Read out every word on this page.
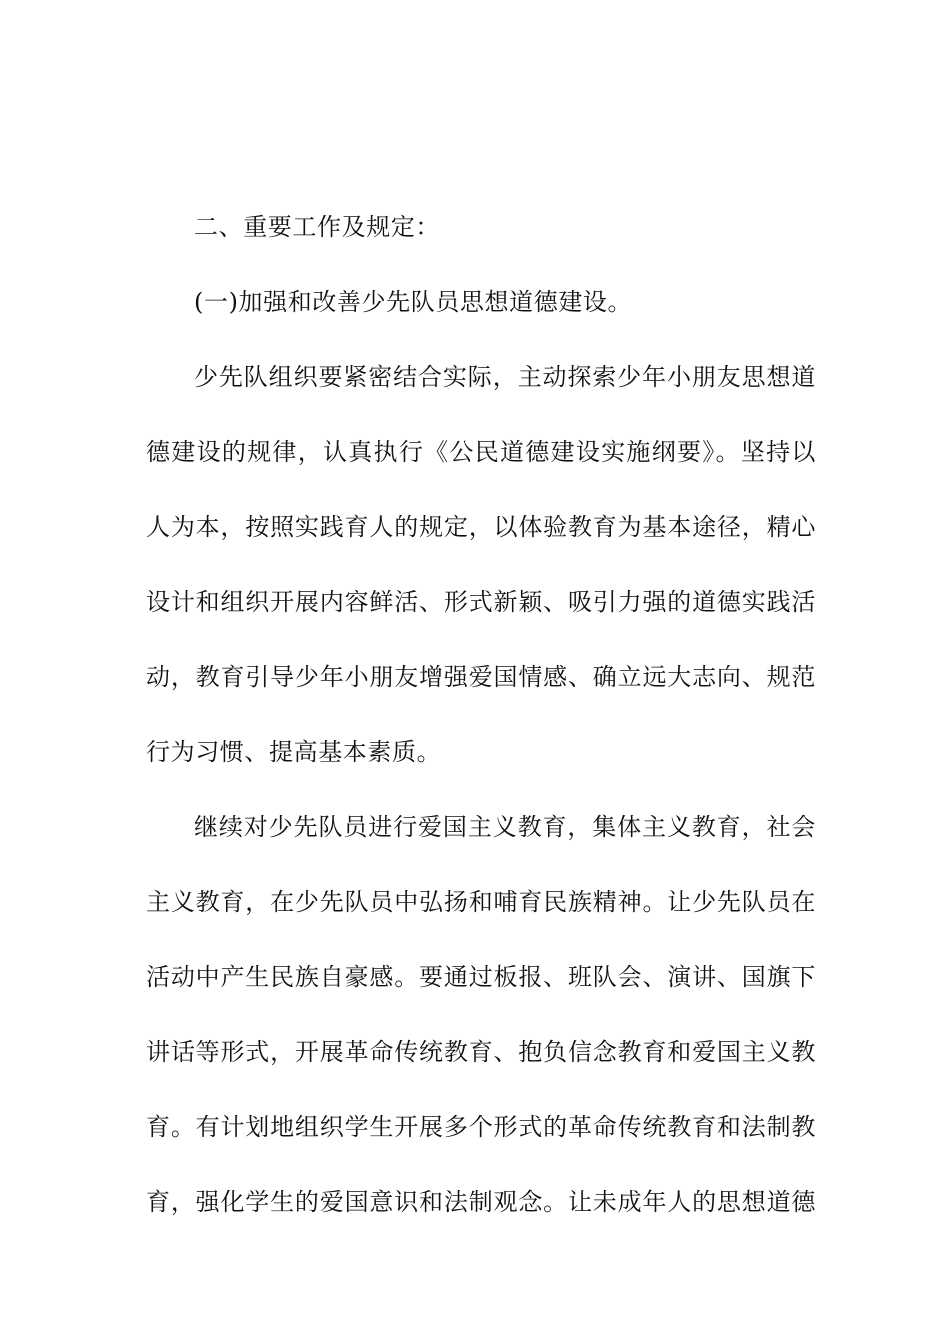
二、重要工作及规定：
(一)加强和改善少先队员思想道德建设。
少先队组织要紧密结合实际，主动探索少年小朋友思想道
德建设的规律，认真执行《公民道德建设实施纲要》。坚持以
人为本，按照实践育人的规定，以体验教育为基本途径，精心
设计和组织开展内容鲜活、形式新颖、吸引力强的道德实践活
动，教育引导少年小朋友增强爱国情感、确立远大志向、规范
行为习惯、提高基本素质。
继续对少先队员进行爱国主义教育，集体主义教育，社会
主义教育，在少先队员中弘扬和哺育民族精神。让少先队员在
活动中产生民族自豪感。要通过板报、班队会、演讲、国旗下
讲话等形式，开展革命传统教育、抱负信念教育和爱国主义教
育。有计划地组织学生开展多个形式的革命传统教育和法制教
育，强化学生的爱国意识和法制观念。让未成年人的思想道德
